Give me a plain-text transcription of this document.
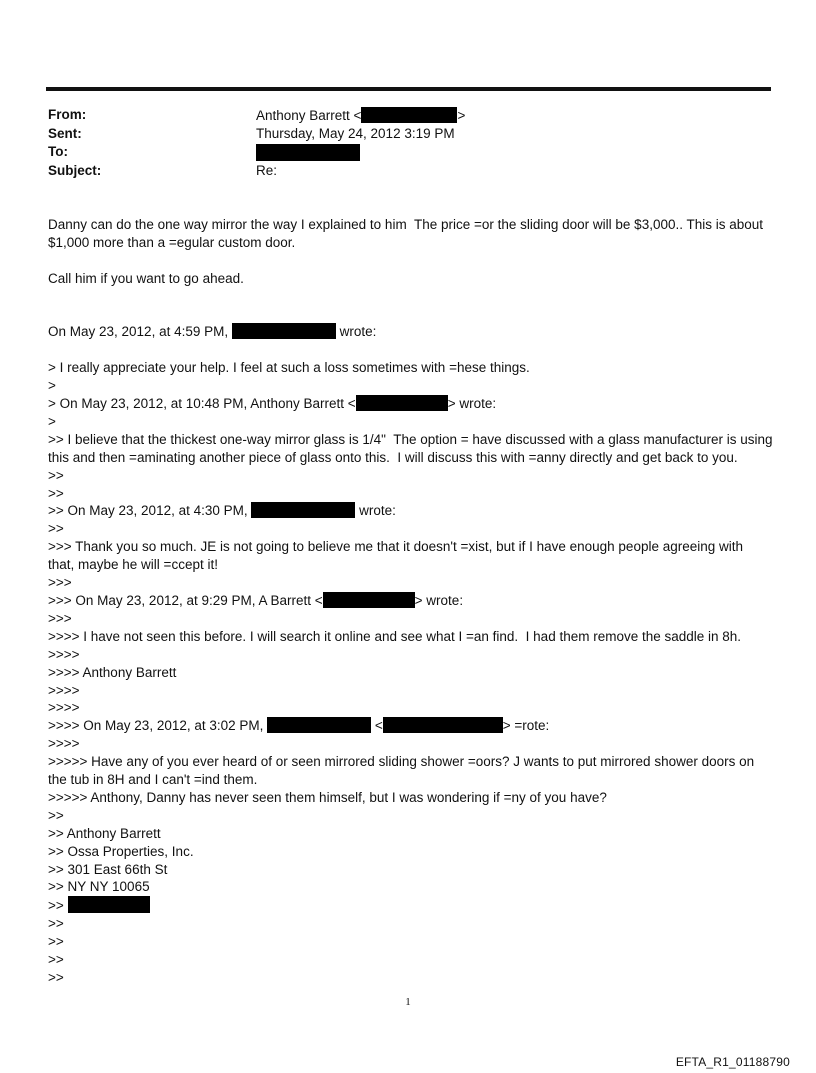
From:	Anthony Barrett <	>
Sent:	Thursday, May 24, 2012 3:19 PM
To:
Subject:	Re:

Danny can do the one way mirror the way I explained to him  The price =or the sliding door will be $3,000.. This is about

$1,000 more than a =egular custom door.

Call him if you want to go ahead.

On May 23, 2012, at 4:59 PM,	wrote:

> I really appreciate your help. I feel at such a loss sometimes with =hese things.

>

> On May 23, 2012, at 10:48 PM, Anthony Barrett <	> wrote:

>

>> I believe that the thickest one-way mirror glass is 1/4"  The option = have discussed with a glass manufacturer is using

this and then =aminating another piece of glass onto this.  I will discuss this with =anny directly and get back to you.

>>

>>

>> On May 23, 2012, at 4:30 PM,	wrote:

>>

>>> Thank you so much. JE is not going to believe me that it doesn't =xist, but if I have enough people agreeing with

that, maybe he will =ccept it!

>>>

>>> On May 23, 2012, at 9:29 PM, A Barrett <	> wrote:

>>>

>>>> I have not seen this before. I will search it online and see what I =an find.  I had them remove the saddle in 8h.

>>>>

>>>> Anthony Barrett

>>>>

>>>>

>>>> On May 23, 2012, at 3:02 PM,	<	> =rote:

>>>>

>>>>> Have any of you ever heard of or seen mirrored sliding shower =oors? J wants to put mirrored shower doors on

the tub in 8H and I can't =ind them.

>>>>> Anthony, Danny has never seen them himself, but I was wondering if =ny of you have?

>>

>> Anthony Barrett

>> Ossa Properties, Inc.

>> 301 East 66th St

>> NY NY 10065

>>

>>

>>

>>

>>

1
EFTA_R1_01188790
